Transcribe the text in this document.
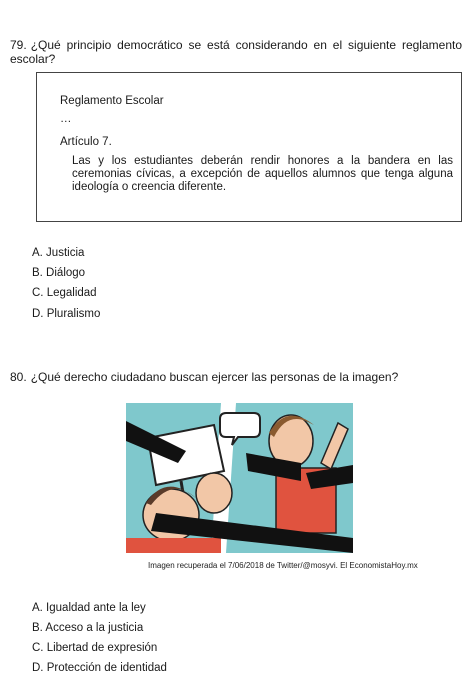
79. ¿Qué principio democrático se está considerando en el siguiente reglamento escolar?
Reglamento Escolar
…
Artículo 7.
Las y los estudiantes deberán rendir honores a la bandera en las ceremonias cívicas, a excepción de aquellos alumnos que tenga alguna ideología o creencia diferente.
A. Justicia
B. Diálogo
C. Legalidad
D. Pluralismo
80. ¿Qué derecho ciudadano buscan ejercer las personas de la imagen?
Imagen recuperada el 7/06/2018 de Twitter/@mosyvi. El EconomistaHoy.mx
A. Igualdad ante la ley
B. Acceso a la justicia
C. Libertad de expresión
D. Protección de identidad
